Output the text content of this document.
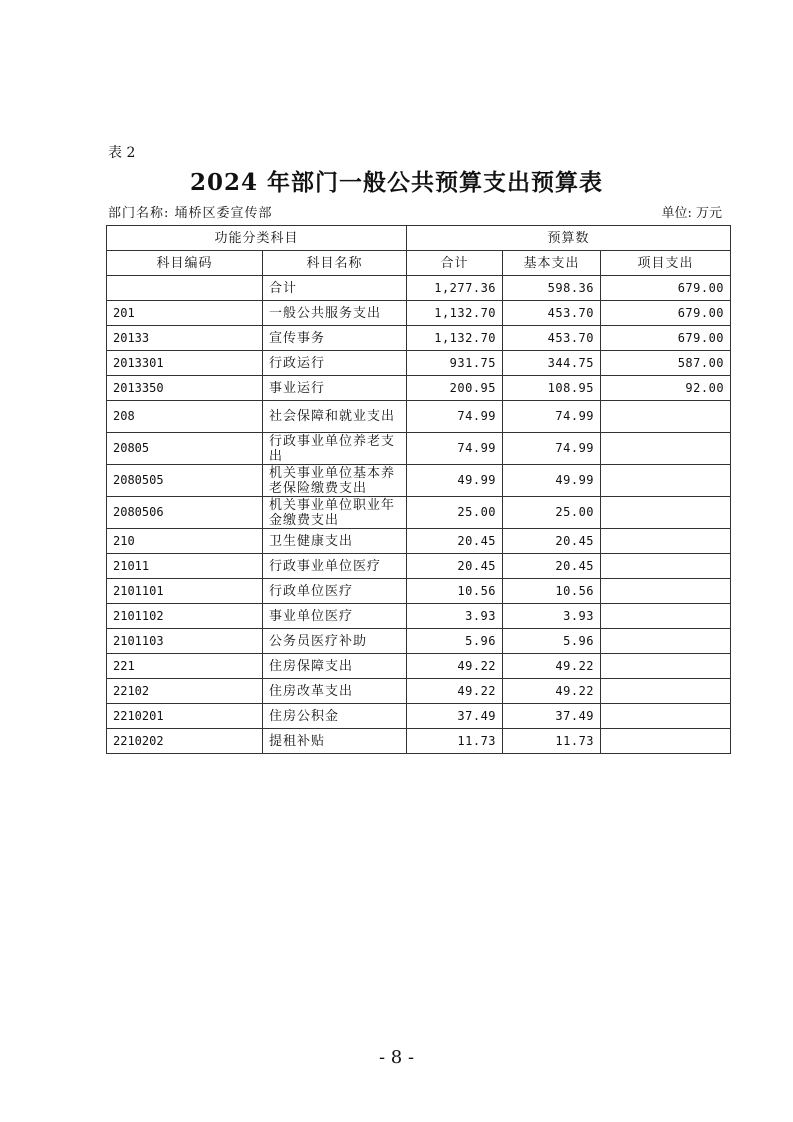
表 2
2024 年部门一般公共预算支出预算表
部门名称: 埇桥区委宣传部	单位: 万元
功能分类科目		预算数		
科目编码	科目名称	合计	基本支出	项目支出
	合计	1,277.36	598.36	679.00
201	一般公共服务支出	1,132.70	453.70	679.00
20133	宣传事务	1,132.70	453.70	679.00
2013301	行政运行	931.75	344.75	587.00
2013350	事业运行	200.95	108.95	92.00
208	社会保障和就业支出	74.99	74.99	
20805	行政事业单位养老支出	74.99	74.99	
2080505	机关事业单位基本养老保险缴费支出	49.99	49.99	
2080506	机关事业单位职业年金缴费支出	25.00	25.00	
210	卫生健康支出	20.45	20.45	
21011	行政事业单位医疗	20.45	20.45	
2101101	行政单位医疗	10.56	10.56	
2101102	事业单位医疗	3.93	3.93	
2101103	公务员医疗补助	5.96	5.96	
221	住房保障支出	49.22	49.22	
22102	住房改革支出	49.22	49.22	
2210201	住房公积金	37.49	37.49	
2210202	提租补贴	11.73	11.73	
- 8 -
